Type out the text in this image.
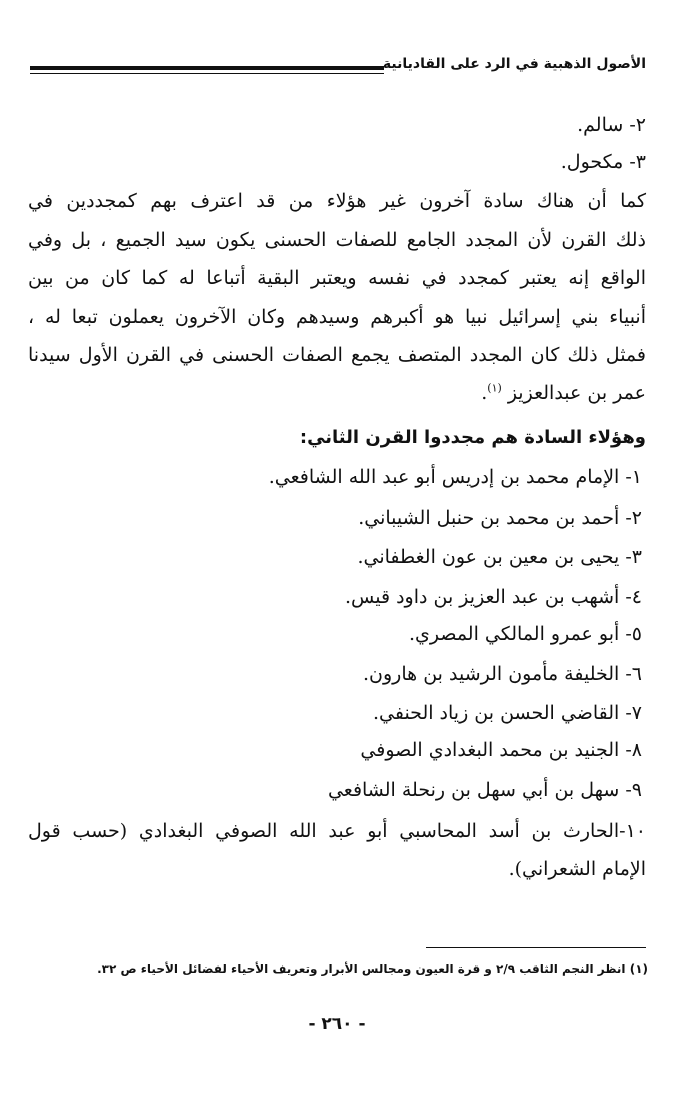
الأصول الذهبية في الرد على القاديانية
٢- سالم.
٣- مكحول.
كما أن هناك سادة آخرون غير هؤلاء من قد اعترف بهم كمجددين في
ذلك القرن لأن المجدد الجامع للصفات الحسنى يكون سيد الجميع ، بل وفي
الواقع إنه يعتبر كمجدد في نفسه ويعتبر البقية أتباعا له كما كان من بين
أنبياء بني إسرائيل نبيا هو أكبرهم وسيدهم وكان الآخرون يعملون تبعا له ،
فمثل ذلك كان المجدد المتصف يجمع الصفات الحسنى في القرن الأول سيدنا
عمر بن عبدالعزيز $^{(١)}$.
وهؤلاء السادة هم مجددوا القرن الثاني:
١- الإمام محمد بن إدريس أبو عبد الله الشافعي.
٢- أحمد بن محمد بن حنبل الشيباني.
٣- يحيى بن معين بن عون الغطفاني.
٤- أشهب بن عبد العزيز بن داود قيس.
٥- أبو عمرو المالكي المصري.
٦- الخليفة مأمون الرشيد بن هارون.
٧- القاضي الحسن بن زياد الحنفي.
٨- الجنيد بن محمد البغدادي الصوفي
٩- سهل بن أبي سهل بن رنحلة الشافعي
١٠-الحارث بن أسد المحاسبي أبو عبد الله الصوفي البغدادي (حسب قول
الإمام الشعراني).
(١) انظر النجم الثاقب ٢/٩ و قرة العيون ومجالس الأبرار وتعريف الأحياء لفضائل الأحياء ص ٣٢.
- ٢٦٠ -
